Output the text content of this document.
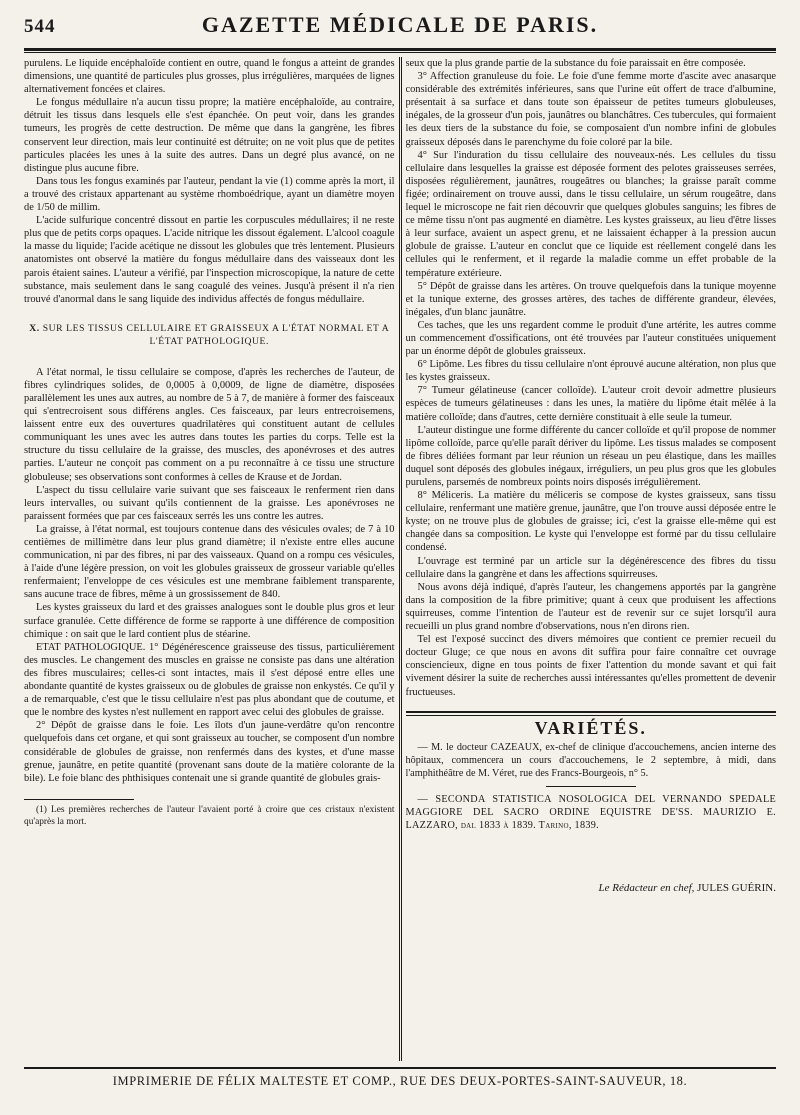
544	GAZETTE MÉDICALE DE PARIS.

purulens. Le liquide encéphaloïde contient en outre, quand le fongus a atteint de grandes dimensions, une quantité de particules plus grosses, plus irrégulières, marquées de lignes alternativement foncées et claires.

Le fongus médullaire n'a aucun tissu propre; la matière encéphaloïde, au contraire, détruit les tissus dans lesquels elle s'est épanchée. On peut voir, dans les grandes tumeurs, les progrès de cette destruction. De même que dans la gangrène, les fibres conservent leur direction, mais leur continuité est détruite; on ne voit plus que de petites particules placées les unes à la suite des autres. Dans un degré plus avancé, on ne distingue plus aucune fibre.

Dans tous les fongus examinés par l'auteur, pendant la vie (1) comme après la mort, il a trouvé des cristaux appartenant au système rhomboédrique, ayant un diamètre moyen de 1/50 de millim.

L'acide sulfurique concentré dissout en partie les corpuscules médullaires; il ne reste plus que de petits corps opaques. L'acide nitrique les dissout également. L'alcool coagule la masse du liquide; l'acide acétique ne dissout les globules que très lentement. Plusieurs anatomistes ont observé la matière du fongus médullaire dans des vaisseaux dont les parois étaient saines. L'auteur a vérifié, par l'inspection microscopique, la nature de cette substance, mais seulement dans le sang coagulé des veines. Jusqu'à présent il n'a rien trouvé d'anormal dans le sang liquide des individus affectés de fongus médullaire.

X. SUR LES TISSUS CELLULAIRE ET GRAISSEUX A L'ÉTAT NORMAL ET A L'ÉTAT PATHOLOGIQUE.

A l'état normal, le tissu cellulaire se compose, d'après les recherches de l'auteur, de fibres cylindriques solides, de 0,0005 à 0,0009, de ligne de diamètre, disposées parallèlement les unes aux autres, au nombre de 5 à 7, de manière à former des faisceaux qui s'entrecroisent sous différens angles. Ces faisceaux, par leurs entrecroisemens, laissent entre eux des ouvertures quadrilatères qui constituent autant de cellules communiquant les unes avec les autres dans toutes les parties du corps. Telle est la structure du tissu cellulaire de la graisse, des muscles, des aponévroses et des autres parties. L'auteur ne conçoit pas comment on a pu reconnaître à ce tissu une structure globuleuse; ses observations sont conformes à celles de Krause et de Jordan.

L'aspect du tissu cellulaire varie suivant que ses faisceaux le renferment rien dans leurs intervalles, ou suivant qu'ils contiennent de la graisse. Les aponévroses ne paraissent formées que par ces faisceaux serrés les uns contre les autres.

La graisse, à l'état normal, est toujours contenue dans des vésicules ovales; de 7 à 10 centièmes de millimètre dans leur plus grand diamètre; il n'existe entre elles aucune communication, ni par des fibres, ni par des vaisseaux. Quand on a rompu ces vésicules, à l'aide d'une légère pression, on voit les globules graisseux de grosseur variable qu'elles renfermaient; l'enveloppe de ces vésicules est une membrane faiblement transparente, sans aucune trace de fibres, même à un grossissement de 840.

Les kystes graisseux du lard et des graisses analogues sont le double plus gros et leur surface granulée. Cette différence de forme se rapporte à une différence de composition chimique : on sait que le lard contient plus de stéarine.

ETAT PATHOLOGIQUE. 1° Dégénérescence graisseuse des tissus, particulièrement des muscles. Le changement des muscles en graisse ne consiste pas dans une altération des fibres musculaires; celles-ci sont intactes, mais il s'est déposé entre elles une abondante quantité de kystes graisseux ou de globules de graisse non enkystés. Ce qu'il y a de remarquable, c'est que le tissu cellulaire n'est pas plus abondant que de coutume, et que le nombre des kystes n'est nullement en rapport avec celui des globules de graisse.

2° Dépôt de graisse dans le foie. Les îlots d'un jaune-verdâtre qu'on rencontre quelquefois dans cet organe, et qui sont graisseux au toucher, se composent d'un nombre considérable de globules de graisse, non renfermés dans des kystes, et d'une masse grenue, jaunâtre, en petite quantité (provenant sans doute de la matière colorante de la bile). Le foie blanc des phthisiques contenait une si grande quantité de globules grais-

(1) Les premières recherches de l'auteur l'avaient porté à croire que ces cristaux n'existent qu'après la mort.

seux que la plus grande partie de la substance du foie paraissait en être composée.

3° Affection granuleuse du foie. Le foie d'une femme morte d'ascite avec anasarque considérable des extrémités inférieures, sans que l'urine eût offert de trace d'albumine, présentait à sa surface et dans toute son épaisseur de petites tumeurs globuleuses, inégales, de la grosseur d'un pois, jaunâtres ou blanchâtres. Ces tubercules, qui formaient les deux tiers de la substance du foie, se composaient d'un nombre infini de globules graisseux déposés dans le parenchyme du foie coloré par la bile.

4° Sur l'induration du tissu cellulaire des nouveaux-nés. Les cellules du tissu cellulaire dans lesquelles la graisse est déposée forment des pelotes graisseuses serrées, disposées régulièrement, jaunâtres, rougeâtres ou blanches; la graisse paraît comme figée; ordinairement on trouve aussi, dans le tissu cellulaire, un sérum rougeâtre, dans lequel le microscope ne fait rien découvrir que quelques globules sanguins; les fibres de ce même tissu n'ont pas augmenté en diamètre. Les kystes graisseux, au lieu d'être lisses à leur surface, avaient un aspect grenu, et ne laissaient échapper à la pression aucun globule de graisse. L'auteur en conclut que ce liquide est réellement congelé dans les cellules qui le renferment, et il regarde la maladie comme un effet probable de la température extérieure.

5° Dépôt de graisse dans les artères. On trouve quelquefois dans la tunique moyenne et la tunique externe, des grosses artères, des taches de différente grandeur, élevées, inégales, d'un blanc jaunâtre.

Ces taches, que les uns regardent comme le produit d'une artérite, les autres comme un commencement d'ossifications, ont été trouvées par l'auteur constituées uniquement par un énorme dépôt de globules graisseux.

6° Lipôme. Les fibres du tissu cellulaire n'ont éprouvé aucune altération, non plus que les kystes graisseux.

7° Tumeur gélatineuse (cancer colloïde). L'auteur croit devoir admettre plusieurs espèces de tumeurs gélatineuses : dans les unes, la matière du lipôme était mêlée à la matière colloïde; dans d'autres, cette dernière constituait à elle seule la tumeur.

L'auteur distingue une forme différente du cancer colloïde et qu'il propose de nommer lipôme colloïde, parce qu'elle paraît dériver du lipôme. Les tissus malades se composent de fibres déliées formant par leur réunion un réseau un peu élastique, dans les mailles duquel sont déposés des globules inégaux, irréguliers, un peu plus gros que les globules purulens, parsemés de nombreux points noirs disposés irrégulièrement.

8° Méliceris. La matière du méliceris se compose de kystes graisseux, sans tissu cellulaire, renfermant une matière grenue, jaunâtre, que l'on trouve aussi déposée entre le kyste; on ne trouve plus de globules de graisse; ici, c'est la graisse elle-même qui est changée dans sa composition. Le kyste qui l'enveloppe est formé par du tissu cellulaire condensé.

L'ouvrage est terminé par un article sur la dégénérescence des fibres du tissu cellulaire dans la gangrène et dans les affections squirreuses.

Nous avons déjà indiqué, d'après l'auteur, les changemens apportés par la gangrène dans la composition de la fibre primitive; quant à ceux que produisent les affections squirreuses, comme l'intention de l'auteur est de revenir sur ce sujet lorsqu'il aura recueilli un plus grand nombre d'observations, nous n'en dirons rien.

Tel est l'exposé succinct des divers mémoires que contient ce premier recueil du docteur Gluge; ce que nous en avons dit suffira pour faire connaître cet ouvrage consciencieux, digne en tous points de fixer l'attention du monde savant et qui fait vivement désirer la suite de recherches aussi intéressantes qu'elles promettent de devenir fructueuses.

VARIÉTÉS.

— M. le docteur CAZEAUX, ex-chef de clinique d'accouchemens, ancien interne des hôpitaux, commencera un cours d'accouchemens, le 2 septembre, à midi, dans l'amphithéâtre de M. Véret, rue des Francs-Bourgeois, n° 5.

— SECONDA STATISTICA NOSOLOGICA DEL VERNANDO SPEDALE MAGGIORE DEL SACRO ORDINE EQUISTRE DE'SS. MAURIZIO E. LAZZARO, dal 1833 à 1839. Tarino, 1839.

Le Rédacteur en chef, JULES GUÉRIN.
IMPRIMERIE DE FÉLIX MALTESTE ET COMP., RUE DES DEUX-PORTES-SAINT-SAUVEUR, 18.
